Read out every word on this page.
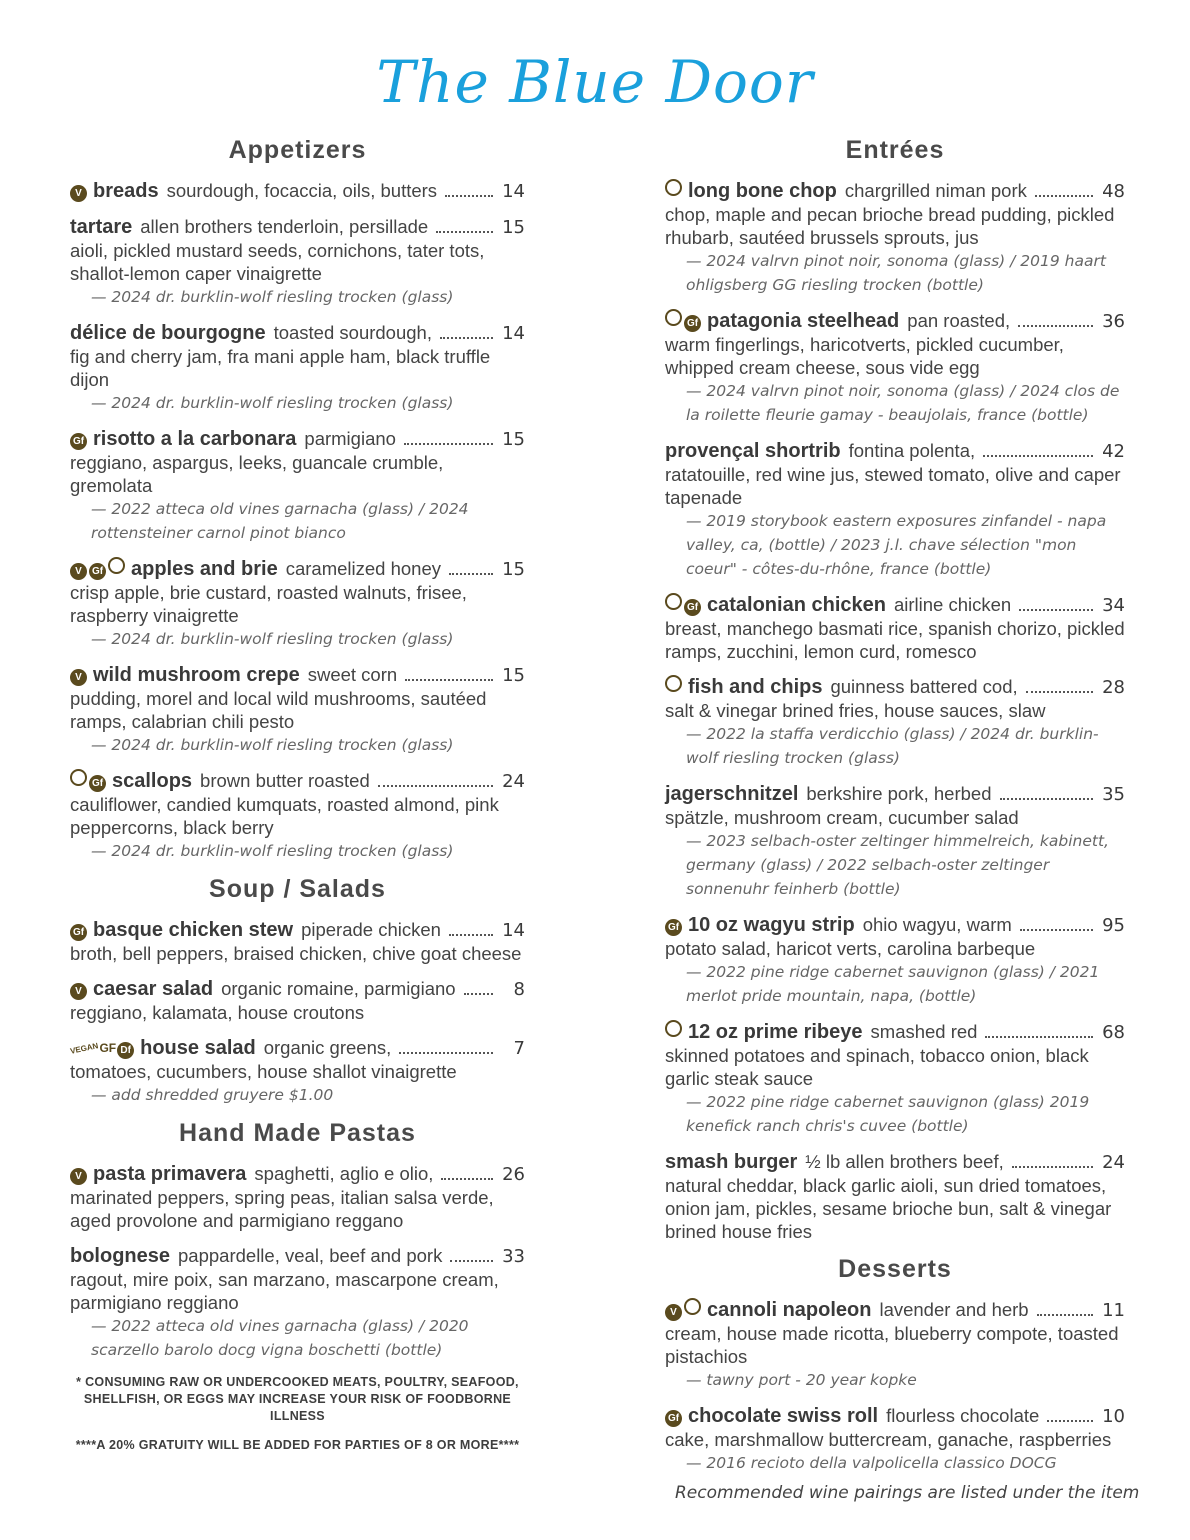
The Blue Door
Appetizers
V breads sourdough, focaccia, oils, butters	14
tartare allen brothers tenderloin, persillade	15
aioli, pickled mustard seeds, cornichons, tater tots, shallot-lemon caper vinaigrette
— 2024 dr. burklin-wolf riesling trocken (glass)
délice de bourgogne toasted sourdough,	14
fig and cherry jam, fra mani apple ham, black truffle dijon
— 2024 dr. burklin-wolf riesling trocken (glass)
Gf risotto a la carbonara parmigiano	15
reggiano, aspargus, leeks, guancale crumble, gremolata
— 2022 atteca old vines garnacha (glass) / 2024 rottensteiner carnol pinot bianco
V Gf	apples and brie caramelized honey	15
crisp apple, brie custard, roasted walnuts, frisee, raspberry vinaigrette
— 2024 dr. burklin-wolf riesling trocken (glass)
V wild mushroom crepe sweet corn	15
pudding, morel and local wild mushrooms, sautéed ramps, calabrian chili pesto
— 2024 dr. burklin-wolf riesling trocken (glass)
Gf scallops brown butter roasted	24
cauliflower, candied kumquats, roasted almond, pink peppercorns, black berry
— 2024 dr. burklin-wolf riesling trocken (glass)
Soup / Salads
Gf basque chicken stew piperade chicken	14
broth, bell peppers, braised chicken, chive goat cheese
V caesar salad organic romaine, parmigiano	8
reggiano, kalamata, house croutons
VEGANGF Df house salad organic greens,	7
tomatoes, cucumbers, house shallot vinaigrette
— add shredded gruyere $1.00
Hand Made Pastas
V pasta primavera spaghetti, aglio e olio,	26
marinated peppers, spring peas, italian salsa verde, aged provolone and parmigiano reggano
bolognese pappardelle, veal, beef and pork	33
ragout, mire poix, san marzano, mascarpone cream, parmigiano reggiano
— 2022 atteca old vines garnacha (glass) / 2020 scarzello barolo docg vigna boschetti (bottle)
* CONSUMING RAW OR UNDERCOOKED MEATS, POULTRY, SEAFOOD, SHELLFISH, OR EGGS MAY INCREASE YOUR RISK OF FOODBORNE ILLNESS
****A 20% GRATUITY WILL BE ADDED FOR PARTIES OF 8 OR MORE****
Entrées
long bone chop chargrilled niman pork	48
chop, maple and pecan brioche bread pudding, pickled rhubarb, sautéed brussels sprouts, jus
— 2024 valrvn pinot noir, sonoma (glass) / 2019 haart ohligsberg GG riesling trocken (bottle)
Gf patagonia steelhead pan roasted,	36
warm fingerlings, haricotverts, pickled cucumber, whipped cream cheese, sous vide egg
— 2024 valrvn pinot noir, sonoma (glass) / 2024 clos de la roilette fleurie gamay - beaujolais, france (bottle)
provençal shortrib fontina polenta,	42
ratatouille, red wine jus, stewed tomato, olive and caper tapenade
— 2019 storybook eastern exposures zinfandel - napa valley, ca, (bottle) / 2023 j.l. chave sélection "mon coeur" - côtes-du-rhône, france (bottle)
Gf catalonian chicken airline chicken	34
breast, manchego basmati rice, spanish chorizo, pickled ramps, zucchini, lemon curd, romesco
fish and chips guinness battered cod,	28
salt & vinegar brined fries, house sauces, slaw
— 2022 la staffa verdicchio (glass) / 2024 dr. burklin-wolf riesling trocken (glass)
jagerschnitzel berkshire pork, herbed	35
spätzle, mushroom cream, cucumber salad
— 2023 selbach-oster zeltinger himmelreich, kabinett, germany (glass) / 2022 selbach-oster zeltinger sonnenuhr feinherb (bottle)
Gf 10 oz wagyu strip ohio wagyu, warm	95
potato salad, haricot verts, carolina barbeque
— 2022 pine ridge cabernet sauvignon (glass) / 2021 merlot pride mountain, napa, (bottle)
12 oz prime ribeye smashed red	68
skinned potatoes and spinach, tobacco onion, black garlic steak sauce
— 2022 pine ridge cabernet sauvignon (glass) 2019 kenefick ranch chris's cuvee (bottle)
smash burger ½ lb allen brothers beef,	24
natural cheddar, black garlic aioli, sun dried tomatoes, onion jam, pickles, sesame brioche bun, salt & vinegar brined house fries
Desserts
V	cannoli napoleon lavender and herb	11
cream, house made ricotta, blueberry compote, toasted pistachios
— tawny port - 20 year kopke
Gf chocolate swiss roll flourless chocolate	10
cake, marshmallow buttercream, ganache, raspberries
— 2016 recioto della valpolicella classico DOCG
Recommended wine pairings are listed under the item
